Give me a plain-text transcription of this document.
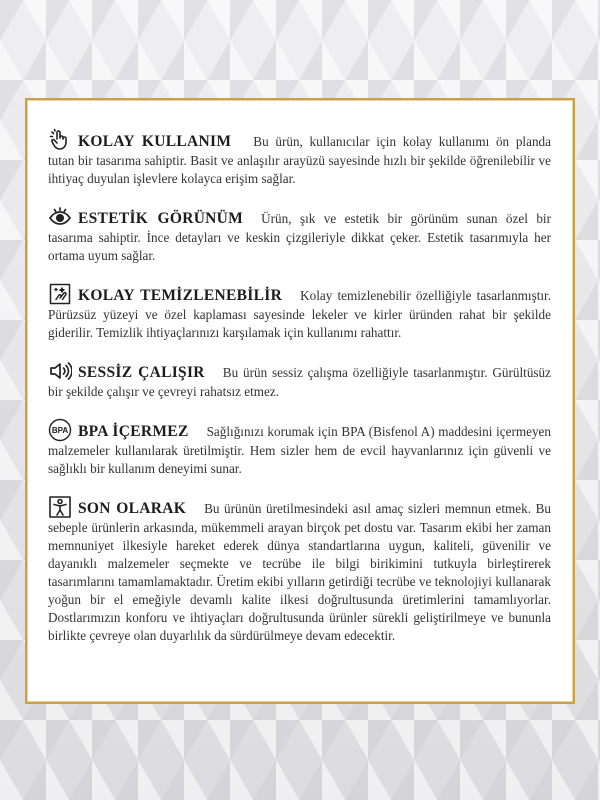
KOLAY KULLANIM Bu ürün, kullanıcılar için kolay kullanımı ön planda tutan bir tasarıma sahiptir. Basit ve anlaşılır arayüzü sayesinde hızlı bir şekilde öğrenilebilir ve ihtiyaç duyulan işlevlere kolayca erişim sağlar.

ESTETİK GÖRÜNÜM Ürün, şık ve estetik bir görünüm sunan özel bir tasarıma sahiptir. İnce detayları ve keskin çizgileriyle dikkat çeker. Estetik tasarımıyla her ortama uyum sağlar.

KOLAY TEMİZLENEBİLİR Kolay temizlenebilir özelliğiyle tasarlanmıştır. Pürüzsüz yüzeyi ve özel kaplaması sayesinde lekeler ve kirler üründen rahat bir şekilde giderilir. Temizlik ihtiyaçlarınızı karşılamak için kullanımı rahattır.

SESSİZ ÇALIŞIR Bu ürün sessiz çalışma özelliğiyle tasarlanmıştır. Gürültüsüz bir şekilde çalışır ve çevreyi rahatsız etmez.

BPA BPA İÇERMEZ Sağlığınızı korumak için BPA (Bisfenol A) maddesini içermeyen malzemeler kullanılarak üretilmiştir. Hem sizler hem de evcil hayvanlarınız için güvenli ve sağlıklı bir kullanım deneyimi sunar.

SON OLARAK Bu ürünün üretilmesindeki asıl amaç sizleri memnun etmek. Bu sebeple ürünlerin arkasında, mükemmeli arayan birçok pet dostu var. Tasarım ekibi her zaman memnuniyet ilkesiyle hareket ederek dünya standartlarına uygun, kaliteli, güvenilir ve dayanıklı malzemeler seçmekte ve tecrübe ile bilgi birikimini tutkuyla birleştirerek tasarımlarını tamamlamaktadır. Üretim ekibi yılların getirdiği tecrübe ve teknolojiyi kullanarak yoğun bir el emeğiyle devamlı kalite ilkesi doğrultusunda üretimlerini tamamlıyorlar. Dostlarımızın konforu ve ihtiyaçları doğrultusunda ürünler sürekli geliştirilmeye ve bununla birlikte çevreye olan duyarlılık da sürdürülmeye devam edecektir.
